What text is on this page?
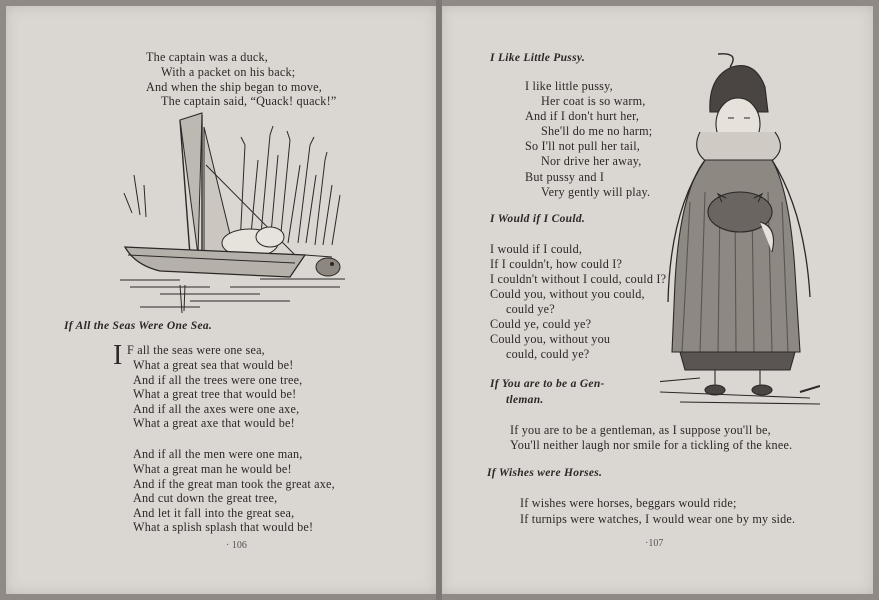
The captain was a duck,
With a packet on his back;
And when the ship began to move,
The captain said, “Quack! quack!”
If All the Seas Were One Sea.
I F all the seas were one sea,
What a great sea that would be!
And if all the trees were one tree,
What a great tree that would be!
And if all the axes were one axe,
What a great axe that would be!
And if all the men were one man,
What a great man he would be!
And if the great man took the great axe,
And cut down the great tree,
And let it fall into the great sea,
What a splish splash that would be!
· 106
I Like Little Pussy.
I like little pussy,
Her coat is so warm,
And if I don't hurt her,
She'll do me no harm;
So I'll not pull her tail,
Nor drive her away,
But pussy and I
Very gently will play.
I Would if I Could.
I would if I could,
If I couldn't, how could I?
I couldn't without I could, could I?
Could you, without you could,
could ye?
Could ye, could ye?
Could you, without you
could, could ye?
If You are to be a Gen-
tleman.
If you are to be a gentleman, as I suppose you'll be,
You'll neither laugh nor smile for a tickling of the knee.
If Wishes were Horses.
If wishes were horses, beggars would ride;
If turnips were watches, I would wear one by my side.
·107
